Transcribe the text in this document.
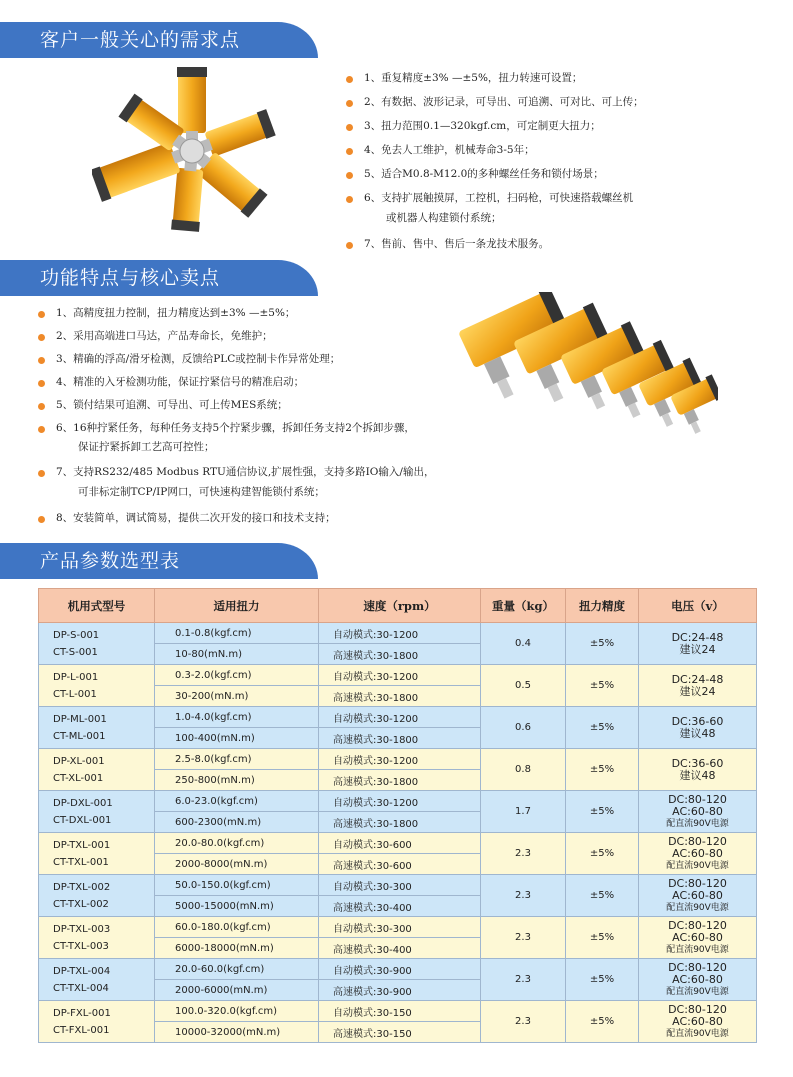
客户一般关心的需求点
1、重复精度±3% —±5%，扭力转速可设置；
2、有数据、波形记录，可导出、可追溯、可对比、可上传；
3、扭力范围0.1—320kgf.cm，可定制更大扭力；
4、免去人工维护，机械寿命3-5年；
5、适合M0.8-M12.0的多种螺丝任务和锁付场景；
6、支持扩展触摸屏，工控机，扫码枪，可快速搭载螺丝机
或机器人构建锁付系统；
7、售前、售中、售后一条龙技术服务。
功能特点与核心卖点
1、高精度扭力控制，扭力精度达到±3% —±5%；
2、采用高端进口马达，产品寿命长，免维护；
3、精确的浮高/滑牙检测，反馈给PLC或控制卡作异常处理；
4、精准的入牙检测功能，保证拧紧信号的精准启动；
5、锁付结果可追溯、可导出、可上传MES系统；
6、16种拧紧任务，每种任务支持5个拧紧步骤，拆卸任务支持2个拆卸步骤，
保证拧紧拆卸工艺高可控性；
7、支持RS232/485 Modbus RTU通信协议,扩展性强，支持多路IO输入/输出，
可非标定制TCP/IP网口，可快速构建智能锁付系统；
8、安装简单，调试简易，提供二次开发的接口和技术支持；
产品参数选型表
机用式型号	适用扭力	速度（rpm）	重量（kg）	扭力精度	电压（v）

DP-S-001
CT-S-001	0.1-0.8(kgf.cm)	自动模式:30-1200	0.4	±5%	DC:24-48
建议24

	10-80(mN.m)	高速模式:30-1800			

DP-L-001
CT-L-001	0.3-2.0(kgf.cm)	自动模式:30-1200	0.5	±5%	DC:24-48
建议24

	30-200(mN.m)	高速模式:30-1800			

DP-ML-001
CT-ML-001	1.0-4.0(kgf.cm)	自动模式:30-1200	0.6	±5%	DC:36-60
建议48

	100-400(mN.m)	高速模式:30-1800			

DP-XL-001
CT-XL-001	2.5-8.0(kgf.cm)	自动模式:30-1200	0.8	±5%	DC:36-60
建议48

	250-800(mN.m)	高速模式:30-1800			

DP-DXL-001
CT-DXL-001	6.0-23.0(kgf.cm)	自动模式:30-1200	1.7	±5%	DC:80-120
AC:60-80
配直流90V电源

	600-2300(mN.m)	高速模式:30-1800			

DP-TXL-001
CT-TXL-001	20.0-80.0(kgf.cm)	自动模式:30-600	2.3	±5%	DC:80-120
AC:60-80
配直流90V电源

	2000-8000(mN.m)	高速模式:30-600			

DP-TXL-002
CT-TXL-002	50.0-150.0(kgf.cm)	自动模式:30-300	2.3	±5%	DC:80-120
AC:60-80
配直流90V电源

	5000-15000(mN.m)	高速模式:30-400			

DP-TXL-003
CT-TXL-003	60.0-180.0(kgf.cm)	自动模式:30-300	2.3	±5%	DC:80-120
AC:60-80
配直流90V电源

	6000-18000(mN.m)	高速模式:30-400			

DP-TXL-004
CT-TXL-004	20.0-60.0(kgf.cm)	自动模式:30-900	2.3	±5%	DC:80-120
AC:60-80
配直流90V电源

	2000-6000(mN.m)	高速模式:30-900			

DP-FXL-001
CT-FXL-001	100.0-320.0(kgf.cm)	自动模式:30-150	2.3	±5%	DC:80-120
AC:60-80
配直流90V电源

	10000-32000(mN.m)	高速模式:30-150			
